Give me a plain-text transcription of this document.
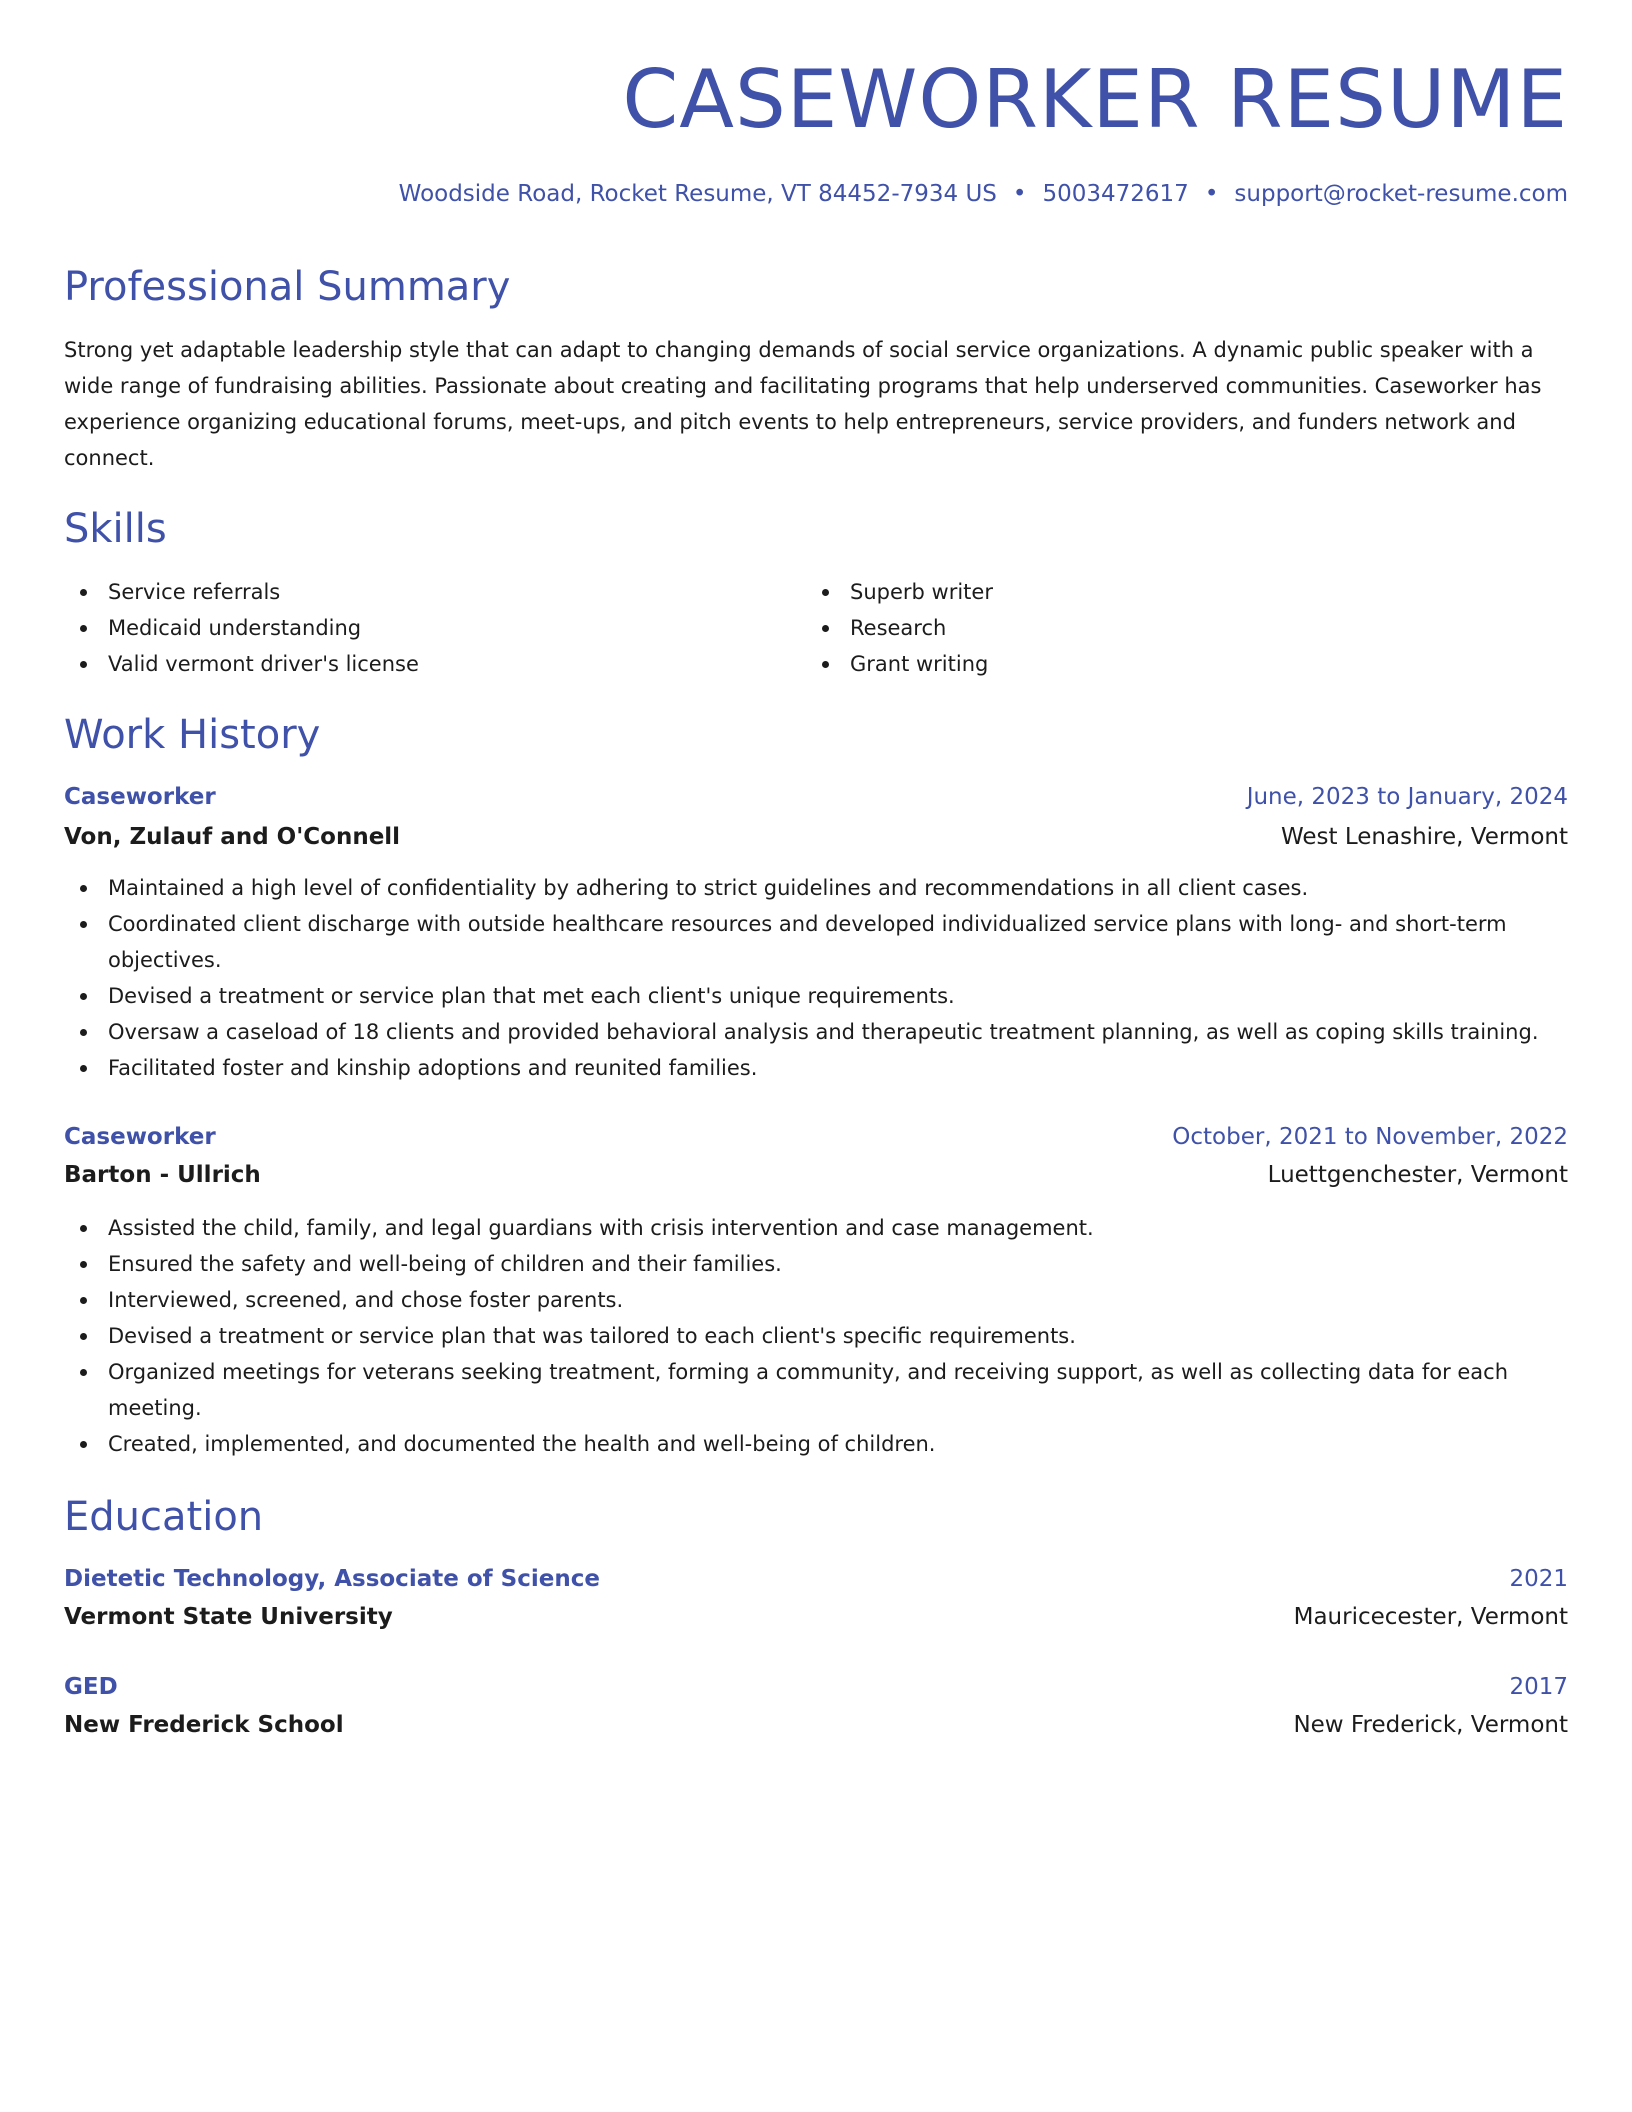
CASEWORKER RESUME
Woodside Road, Rocket Resume, VT 84452-7934 US • 5003472617 • support@rocket-resume.com
Professional Summary

Strong yet adaptable leadership style that can adapt to changing demands of social service organizations. A dynamic public speaker with a wide range of fundraising abilities. Passionate about creating and facilitating programs that help underserved communities. Caseworker has experience organizing educational forums, meet-ups, and pitch events to help entrepreneurs, service providers, and funders network and connect.

Skills
Service referrals
Medicaid understanding
Valid vermont driver's license
Superb writer
Research
Grant writing
Work History
Caseworker	June, 2023 to January, 2024
Von, Zulauf and O'Connell	West Lenashire, Vermont
Maintained a high level of confidentiality by adhering to strict guidelines and recommendations in all client cases.
Coordinated client discharge with outside healthcare resources and developed individualized service plans with long- and short-term objectives.
Devised a treatment or service plan that met each client's unique requirements.
Oversaw a caseload of 18 clients and provided behavioral analysis and therapeutic treatment planning, as well as coping skills training.
Facilitated foster and kinship adoptions and reunited families.
Caseworker	October, 2021 to November, 2022
Barton - Ullrich	Luettgenchester, Vermont
Assisted the child, family, and legal guardians with crisis intervention and case management.
Ensured the safety and well-being of children and their families.
Interviewed, screened, and chose foster parents.
Devised a treatment or service plan that was tailored to each client's specific requirements.
Organized meetings for veterans seeking treatment, forming a community, and receiving support, as well as collecting data for each meeting.
Created, implemented, and documented the health and well-being of children.
Education
Dietetic Technology, Associate of Science	2021
Vermont State University	Mauricecester, Vermont
GED	2017
New Frederick School	New Frederick, Vermont
